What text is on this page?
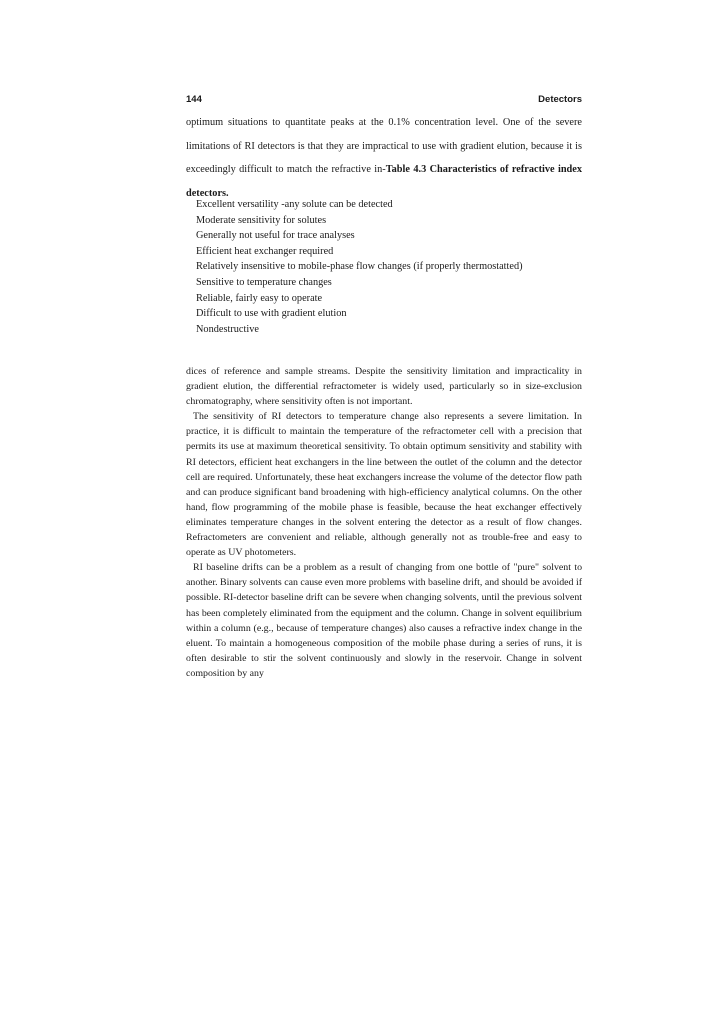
144	Detectors
optimum situations to quantitate peaks at the 0.1% concentration level. One of the severe limitations of RI detectors is that they are impractical to use with gradient elution, because it is exceedingly difficult to match the refractive in-Table 4.3 Characteristics of refractive index detectors.
Excellent versatility -any solute can be detected
Moderate sensitivity for solutes
Generally not useful for trace analyses
Efficient heat exchanger required
Relatively insensitive to mobile-phase flow changes (if properly thermostatted)
Sensitive to temperature changes
Reliable, fairly easy to operate
Difficult to use with gradient elution
Nondestructive

dices of reference and sample streams. Despite the sensitivity limitation and impracticality in gradient elution, the differential refractometer is widely used, particularly so in size-exclusion chromatography, where sensitivity often is not important.

The sensitivity of RI detectors to temperature change also represents a severe limitation. In practice, it is difficult to maintain the temperature of the refractometer cell with a precision that permits its use at maximum theoretical sensitivity. To obtain optimum sensitivity and stability with RI detectors, efficient heat exchangers in the line between the outlet of the column and the detector cell are required. Unfortunately, these heat exchangers increase the volume of the detector flow path and can produce significant band broadening with high-efficiency analytical columns. On the other hand, flow programming of the mobile phase is feasible, because the heat exchanger effectively eliminates temperature changes in the solvent entering the detector as a result of flow changes. Refractometers are convenient and reliable, although generally not as trouble-free and easy to operate as UV photometers.

RI baseline drifts can be a problem as a result of changing from one bottle of "pure" solvent to another. Binary solvents can cause even more problems with baseline drift, and should be avoided if possible. RI-detector baseline drift can be severe when changing solvents, until the previous solvent has been completely eliminated from the equipment and the column. Change in solvent equilibrium within a column (e.g., because of temperature changes) also causes a refractive index change in the eluent. To maintain a homogeneous composition of the mobile phase during a series of runs, it is often desirable to stir the solvent continuously and slowly in the reservoir. Change in solvent composition by any
